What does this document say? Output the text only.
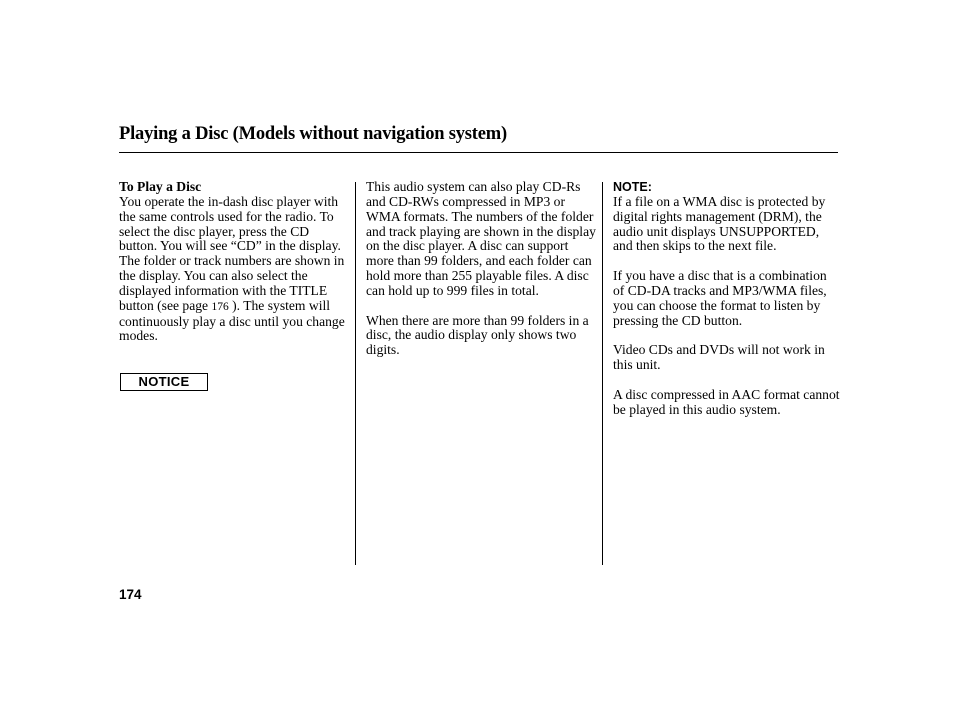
Playing a Disc (Models without navigation system)
To Play a Disc

You operate the in-dash disc player with the same controls used for the radio. To select the disc player, press the CD button. You will see “CD” in the display. The folder or track numbers are shown in the display. You can also select the displayed information with the TITLE button (see page 176 ). The system will continuously play a disc until you change modes.

NOTICE

This audio system can also play CD-Rs and CD-RWs compressed in MP3 or WMA formats. The numbers of the folder and track playing are shown in the display on the disc player. A disc can support more than 99 folders, and each folder can hold more than 255 playable files. A disc can hold up to 999 files in total.

When there are more than 99 folders in a disc, the audio display only shows two digits.

NOTE:

If a file on a WMA disc is protected by digital rights management (DRM), the audio unit displays UNSUPPORTED, and then skips to the next file.

If you have a disc that is a combination of CD-DA tracks and MP3/WMA files, you can choose the format to listen by pressing the CD button.

Video CDs and DVDs will not work in this unit.

A disc compressed in AAC format cannot be played in this audio system.

174
